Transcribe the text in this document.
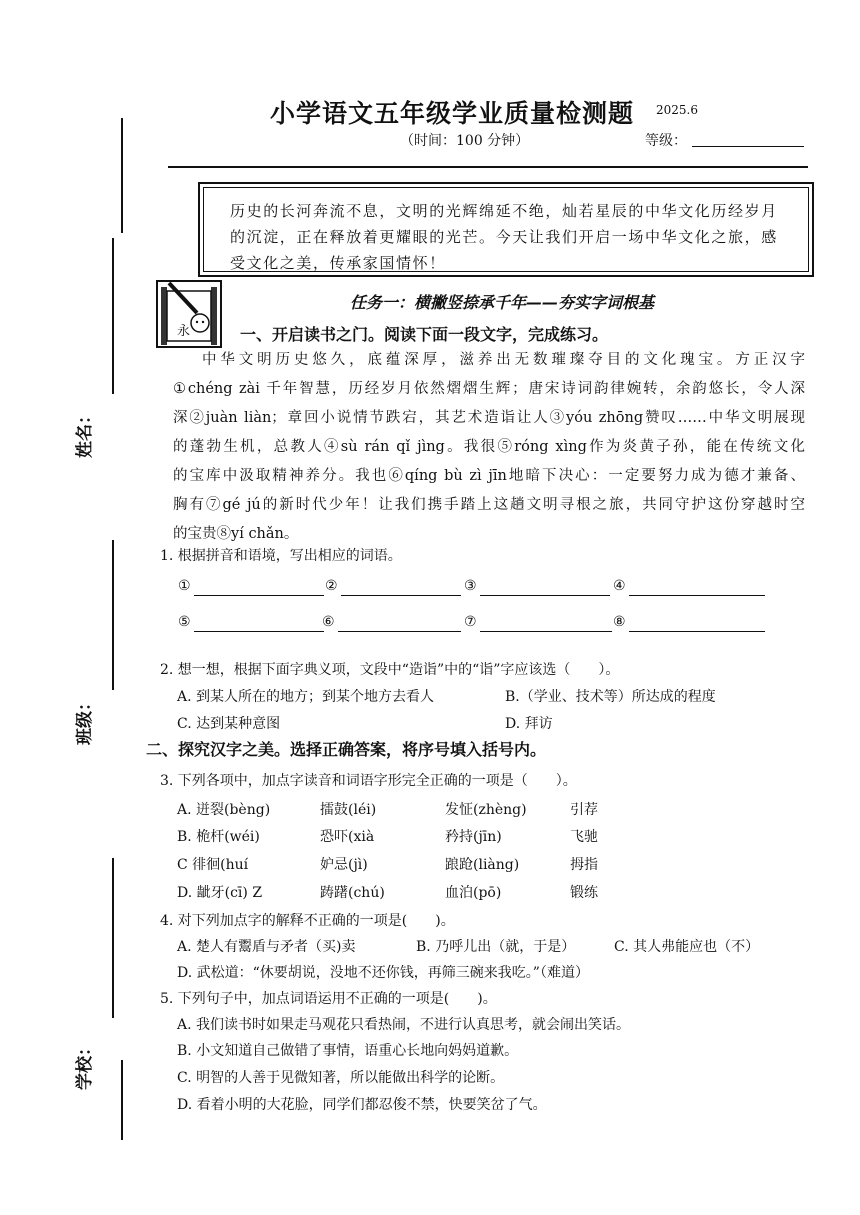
姓名：
班级：
学校：
小学语文五年级学业质量检测题 2025.6
（时间：100 分钟）	等级：
历史的长河奔流不息，文明的光辉绵延不绝，灿若星辰的中华文化历经岁月的沉淀，正在释放着更耀眼的光芒。今天让我们开启一场中华文化之旅，感受文化之美，传承家国情怀！
永
任务一：横撇竖捺承千年——夯实字词根基
一、开启读书之门。阅读下面一段文字，完成练习。

中华文明历史悠久，底蕴深厚，滋养出无数璀璨夺目的文化瑰宝。方正汉字

①chéng zài 千年智慧，历经岁月依然熠熠生辉；唐宋诗词韵律婉转，余韵悠长，令人深

深②juàn liàn；章回小说情节跌宕，其艺术造诣让人③yóu zhōng赞叹……中华文明展现

的蓬勃生机，总教人④sù rán qǐ jìng。我很⑤róng xìng作为炎黄子孙，能在传统文化

的宝库中汲取精神养分。我也⑥qíng bù zì jīn地暗下决心：一定要努力成为德才兼备、

胸有⑦gé jú的新时代少年！让我们携手踏上这趟文明寻根之旅，共同守护这份穿越时空

的宝贵⑧yí chǎn。

1. 根据拼音和语境，写出相应的词语。
①	②	③	④
⑤	⑥	⑦	⑧
2. 想一想，根据下面字典义项，文段中“造诣”中的“诣”字应该选（　　）。
A. 到某人所在的地方；到某个地方去看人	B.（学业、技术等）所达成的程度
C. 达到某种意图	D. 拜访
二、探究汉字之美。选择正确答案，将序号填入括号内。
3. 下列各项中，加点字读音和词语字形完全正确的一项是（　　）。
A. 迸裂(bèng)	擂鼓(léi)	发怔(zhèng)	引荐
B. 桅杆(wéi)	恐吓(xià	矜持(jīn)	飞驰
C 徘徊(huí	妒忌(jì)	踉跄(liàng)	拇指
D. 龇牙(cī) Z	踌躇(chú)	血泊(pō)	锻练
4. 对下列加点字的解释不正确的一项是(　　)。
A. 楚人有鬻盾与矛者（买)卖	B. 乃呼儿出（就，于是）	C. 其人弗能应也（不）
D. 武松道：“休要胡说，没地不还你钱，再筛三碗来我吃。”（难道）
5. 下列句子中，加点词语运用不正确的一项是(　　)。
A. 我们读书时如果走马观花只看热闹，不进行认真思考，就会闹出笑话。
B. 小文知道自己做错了事情，语重心长地向妈妈道歉。
C. 明智的人善于见微知著，所以能做出科学的论断。
D. 看着小明的大花脸，同学们都忍俊不禁，快要笑岔了气。
